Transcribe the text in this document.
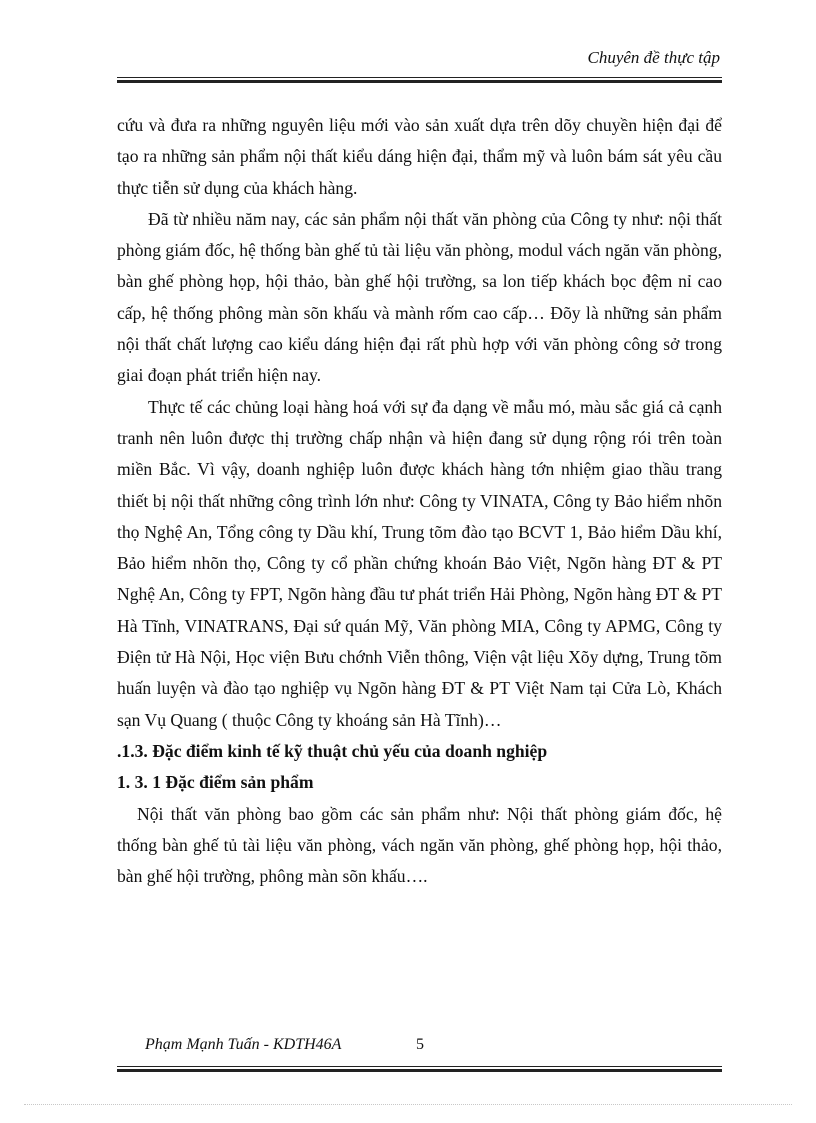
Chuyên đề thực tập

cứu và đưa ra những nguyên liệu mới vào sản xuất dựa trên dõy chuyền hiện đại để tạo ra những sản phẩm nội thất kiểu dáng hiện đại, thẩm mỹ và luôn bám sát yêu cầu thực tiễn sử dụng của khách hàng.

Đã từ nhiều năm nay, các sản phẩm nội thất văn phòng của Công ty như: nội thất phòng giám đốc, hệ thống bàn ghế tủ tài liệu văn phòng, modul vách ngăn văn phòng, bàn ghế phòng họp, hội thảo, bàn ghế hội trường, sa lon tiếp khách bọc đệm nỉ cao cấp, hệ thống phông màn sõn khấu và mành rốm cao cấp… Đõy là những sản phẩm nội thất chất lượng cao kiểu dáng hiện đại rất phù hợp với văn phòng công sở trong giai đoạn phát triển hiện nay.

Thực tế các chủng loại hàng hoá với sự đa dạng về mẫu mó, màu sắc giá cả cạnh tranh nên luôn được thị trường chấp nhận và hiện đang sử dụng rộng rói trên toàn miền Bắc. Vì vậy, doanh nghiệp luôn được khách hàng tớn nhiệm giao thầu trang thiết bị nội thất những công trình lớn như: Công ty VINATA, Công ty Bảo hiểm nhõn thọ Nghệ An, Tổng công ty Dầu khí, Trung tõm đào tạo BCVT 1, Bảo hiểm Dầu khí, Bảo hiểm nhõn thọ, Công ty cổ phần chứng khoán Bảo Việt, Ngõn hàng ĐT & PT Nghệ An, Công ty FPT, Ngõn hàng đầu tư phát triển Hải Phòng, Ngõn hàng ĐT & PT Hà Tĩnh, VINATRANS, Đại sứ quán Mỹ, Văn phòng MIA, Công ty APMG, Công ty Điện tử Hà Nội, Học viện Bưu chớnh Viễn thông, Viện vật liệu Xõy dựng, Trung tõm huấn luyện và đào tạo nghiệp vụ Ngõn hàng ĐT & PT Việt Nam tại Cửa Lò, Khách sạn Vụ Quang ( thuộc Công ty khoáng sản Hà Tĩnh)…

.1.3. Đặc điểm kinh tế kỹ thuật chủ yếu của doanh nghiệp

1. 3. 1 Đặc điểm sản phẩm

Nội thất văn phòng bao gồm các sản phẩm như: Nội thất phòng giám đốc, hệ thống bàn ghế tủ tài liệu văn phòng, vách ngăn văn phòng, ghế phòng họp, hội thảo, bàn ghế hội trường, phông màn sõn khấu….

Phạm Mạnh Tuấn - KDTH46A	5
